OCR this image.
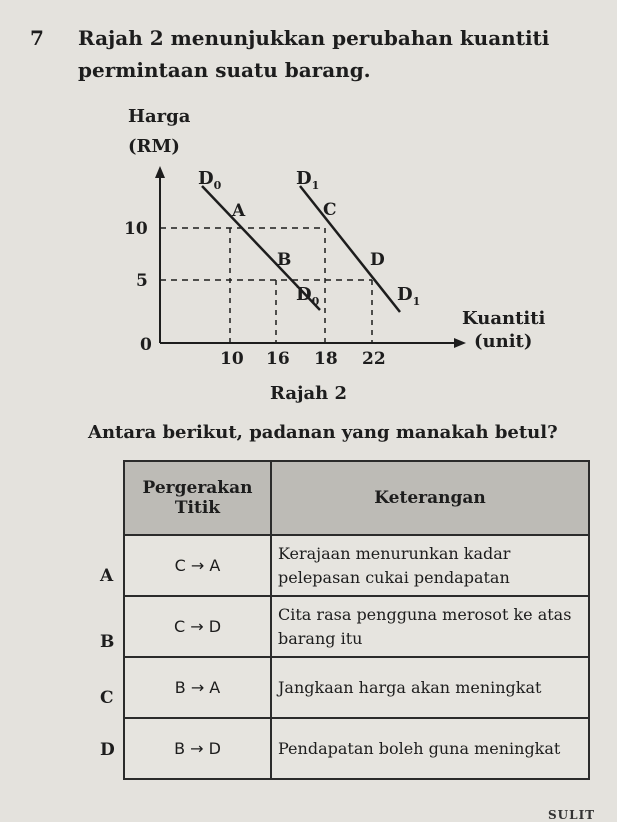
7 Rajah 2 menunjukkan perubahan kuantiti permintaan suatu barang.
Harga
(RM)
10
5
0
10 16 18 22
$D_0$	$D_1$
$D_0$	$D_1$
A
B
C
D
Kuantiti
(unit)
Rajah 2
Antara berikut, padanan yang manakah betul?
Pergerakan Titik	Keterangan
C → A	Kerajaan menurunkan kadar pelepasan cukai pendapatan
C → D	Cita rasa pengguna merosot ke atas barang itu
B → A	Jangkaan harga akan meningkat
B → D	Pendapatan boleh guna meningkat
A
B
C
D
SULIT
